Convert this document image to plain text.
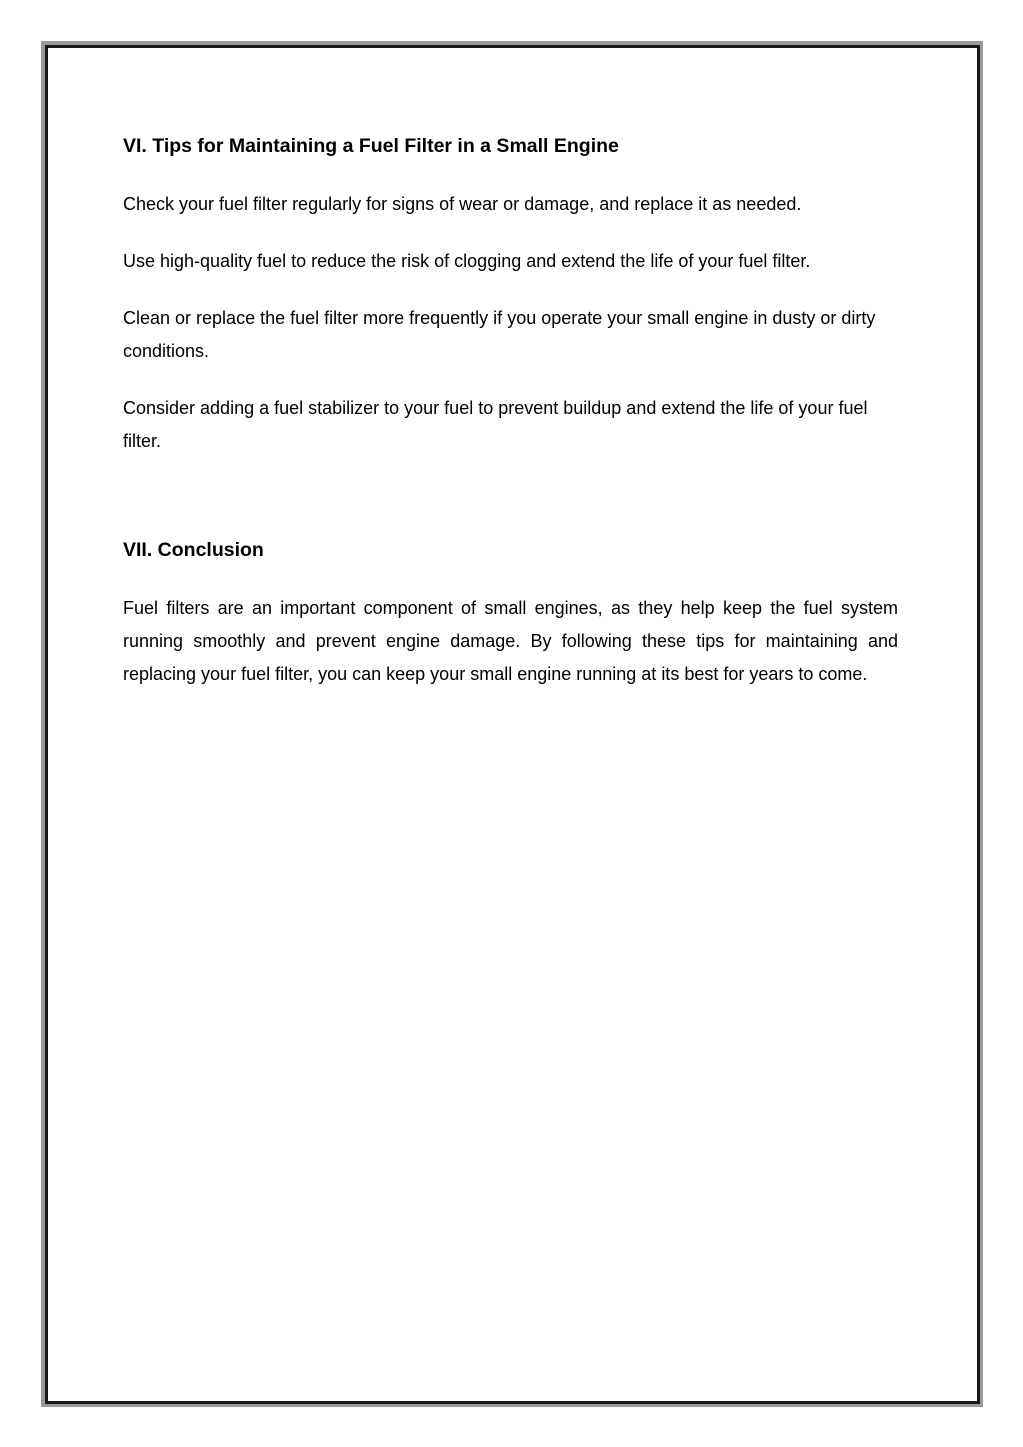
VI. Tips for Maintaining a Fuel Filter in a Small Engine

Check your fuel filter regularly for signs of wear or damage, and replace it as needed.

Use high-quality fuel to reduce the risk of clogging and extend the life of your fuel filter.

Clean or replace the fuel filter more frequently if you operate your small engine in dusty or dirty conditions.

Consider adding a fuel stabilizer to your fuel to prevent buildup and extend the life of your fuel filter.

VII. Conclusion

Fuel filters are an important component of small engines, as they help keep the fuel system running smoothly and prevent engine damage. By following these tips for maintaining and replacing your fuel filter, you can keep your small engine running at its best for years to come.
